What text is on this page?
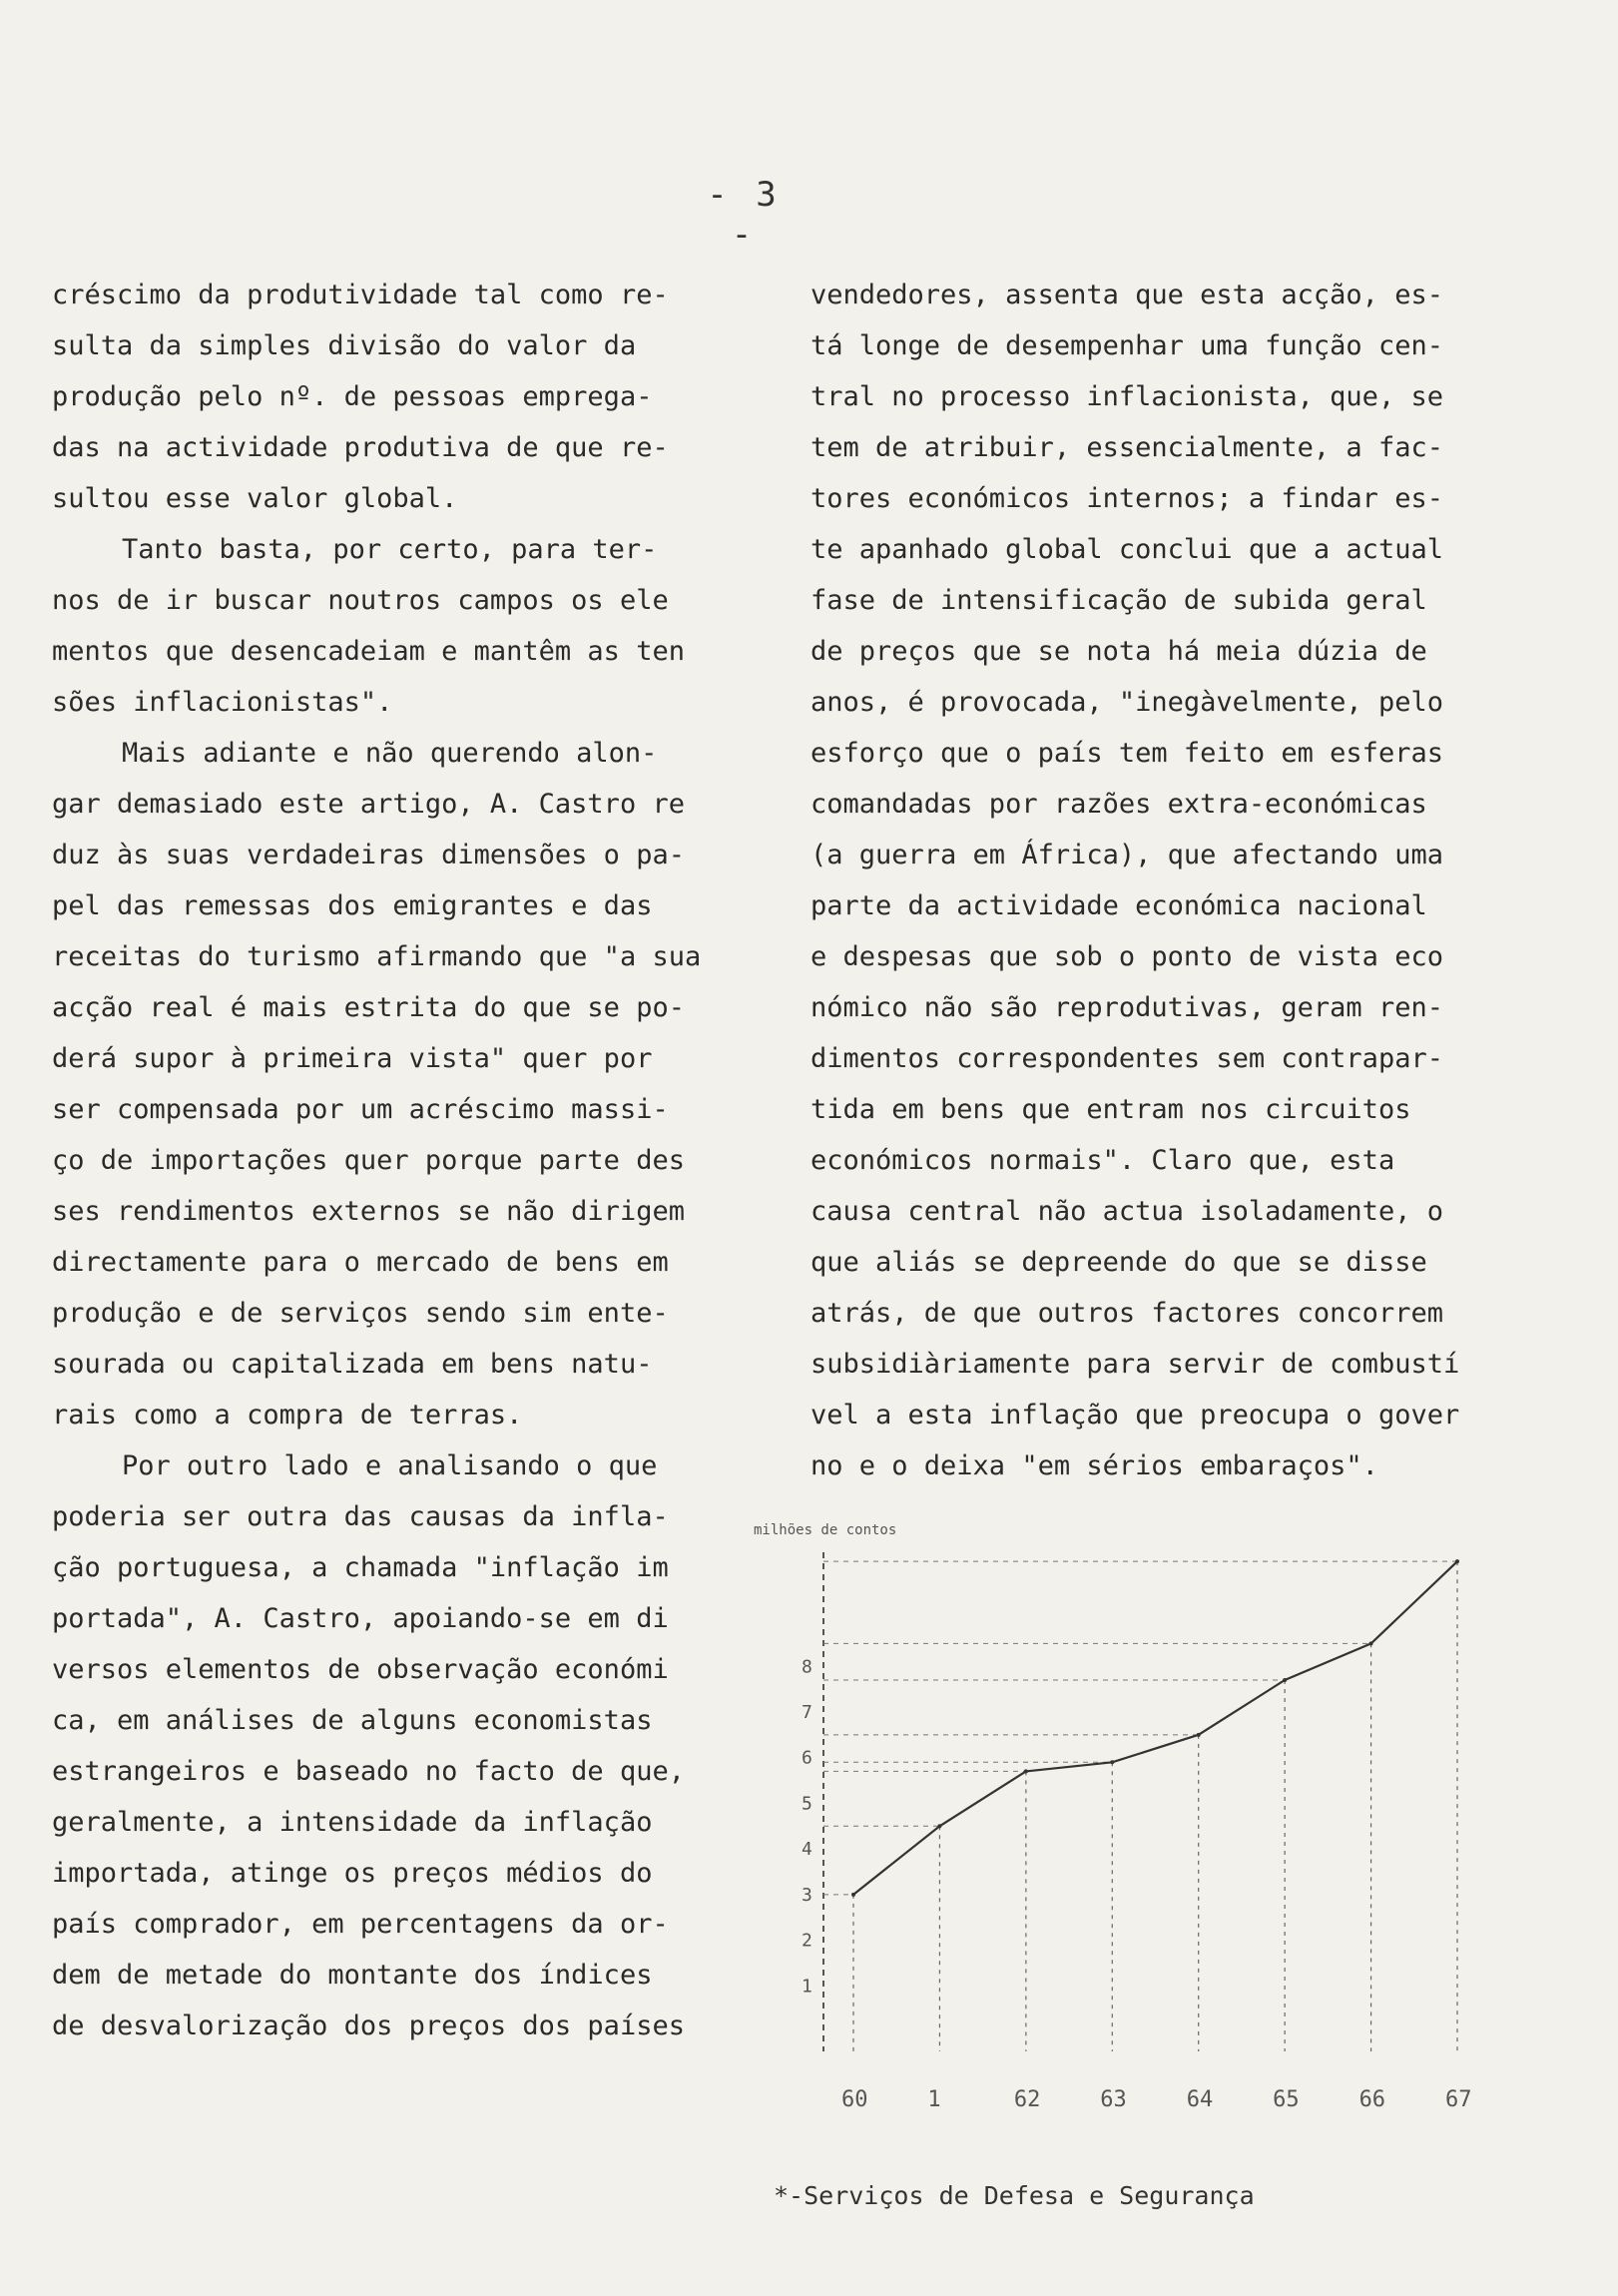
- 3 -
créscimo da produtividade tal como re-
sulta da simples divisão do valor da
produção pelo nº. de pessoas emprega-
das na actividade produtiva de que re-
sultou esse valor global.
Tanto basta, por certo, para ter-
nos de ir buscar noutros campos os ele
mentos que desencadeiam e mantêm as ten
sões inflacionistas".
Mais adiante e não querendo alon-
gar demasiado este artigo, A. Castro re
duz às suas verdadeiras dimensões o pa-
pel das remessas dos emigrantes e das
receitas do turismo afirmando que "a sua
acção real é mais estrita do que se po-
derá supor à primeira vista" quer por
ser compensada por um acréscimo massi-
ço de importações quer porque parte des
ses rendimentos externos se não dirigem
directamente para o mercado de bens em
produção e de serviços sendo sim ente-
sourada ou capitalizada em bens natu-
rais como a compra de terras.
Por outro lado e analisando o que
poderia ser outra das causas da infla-
ção portuguesa, a chamada "inflação im
portada", A. Castro, apoiando-se em di
versos elementos de observação económi
ca, em análises de alguns economistas
estrangeiros e baseado no facto de que,
geralmente, a intensidade da inflação
importada, atinge os preços médios do
país comprador, em percentagens da or-
dem de metade do montante dos índices
de desvalorização dos preços dos países
vendedores, assenta que esta acção, es-
tá longe de desempenhar uma função cen-
tral no processo inflacionista, que, se
tem de atribuir, essencialmente, a fac-
tores económicos internos; a findar es-
te apanhado global conclui que a actual
fase de intensificação de subida geral
de preços que se nota há meia dúzia de
anos, é provocada, "inegàvelmente, pelo
esforço que o país tem feito em esferas
comandadas por razões extra-económicas
(a guerra em África), que afectando uma
parte da actividade económica nacional
e despesas que sob o ponto de vista eco
nómico não são reprodutivas, geram ren-
dimentos correspondentes sem contrapar-
tida em bens que entram nos circuitos
económicos normais". Claro que, esta
causa central não actua isoladamente, o
que aliás se depreende do que se disse
atrás, de que outros factores concorrem
subsidiàriamente para servir de combustí
vel a esta inflação que preocupa o gover
no e o deixa "em sérios embaraços".
milhões de contos
1
2
3
4
5
6
7
8
60	1	62	63	64	65	66	67
*-Serviços de Defesa e Segurança
